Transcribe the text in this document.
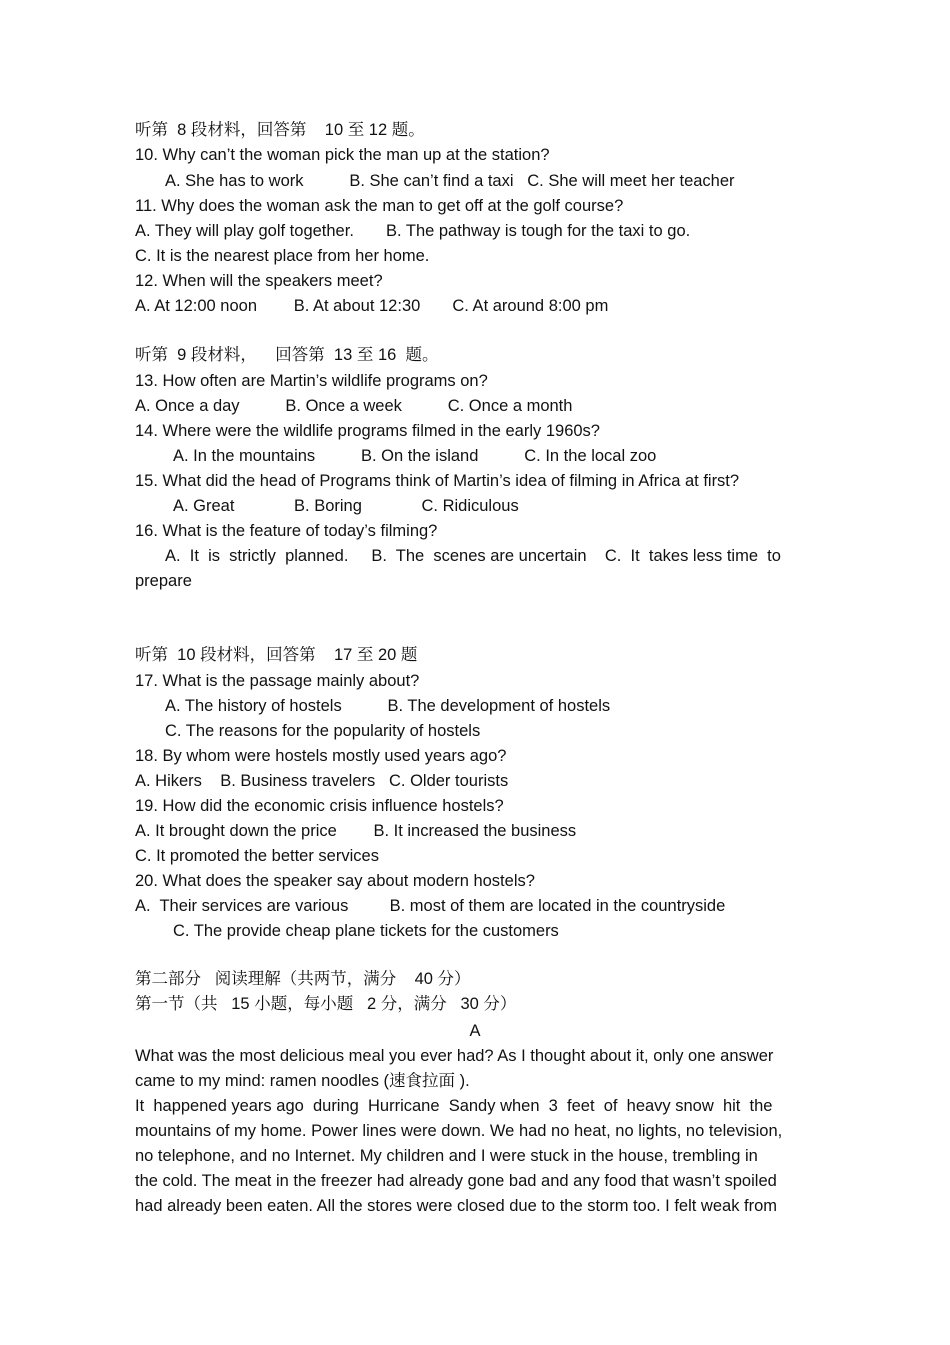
听第  8 段材料，回答第    10 至 12 题。
10. Why can’t the woman pick the man up at the station?
A. She has to work          B. She can’t find a taxi   C. She will meet her teacher
11. Why does the woman ask the man to get off at the golf course?
A. They will play golf together.       B. The pathway is tough for the taxi to go.
C. It is the nearest place from her home.
12. When will the speakers meet?
A. At 12:00 noon        B. At about 12:30       C. At around 8:00 pm
听第  9 段材料，    回答第  13 至 16  题。
13. How often are Martin’s wildlife programs on?
A. Once a day          B. Once a week          C. Once a month
14. Where were the wildlife programs filmed in the early 1960s?
A. In the mountains          B. On the island          C. In the local zoo
15. What did the head of Programs think of Martin’s idea of filming in Africa at first?
A. Great             B. Boring             C. Ridiculous
16. What is the feature of today’s filming?
A.  It  is  strictly  planned.     B.  The  scenes are uncertain    C.  It  takes less time  to
prepare
听第  10 段材料，回答第    17 至 20 题
17. What is the passage mainly about?
A. The history of hostels          B. The development of hostels
C. The reasons for the popularity of hostels
18. By whom were hostels mostly used years ago?
A. Hikers    B. Business travelers   C. Older tourists
19. How did the economic crisis influence hostels?
A. It brought down the price        B. It increased the business
C. It promoted the better services
20. What does the speaker say about modern hostels?
A.  Their services are various         B. most of them are located in the countryside
C. The provide cheap plane tickets for the customers
第二部分   阅读理解（共两节，满分    40 分）
第一节（共   15 小题，每小题   2 分，满分   30 分）
A
What was the most delicious meal you ever had? As I thought about it, only one answer
came to my mind: ramen noodles (速食拉面 ).
It  happened years ago  during  Hurricane  Sandy when  3  feet  of  heavy snow  hit  the
mountains of my home. Power lines were down. We had no heat, no lights, no television,
no telephone, and no Internet. My children and I were stuck in the house, trembling in
the cold. The meat in the freezer had already gone bad and any food that wasn’t spoiled
had already been eaten. All the stores were closed due to the storm too. I felt weak from
